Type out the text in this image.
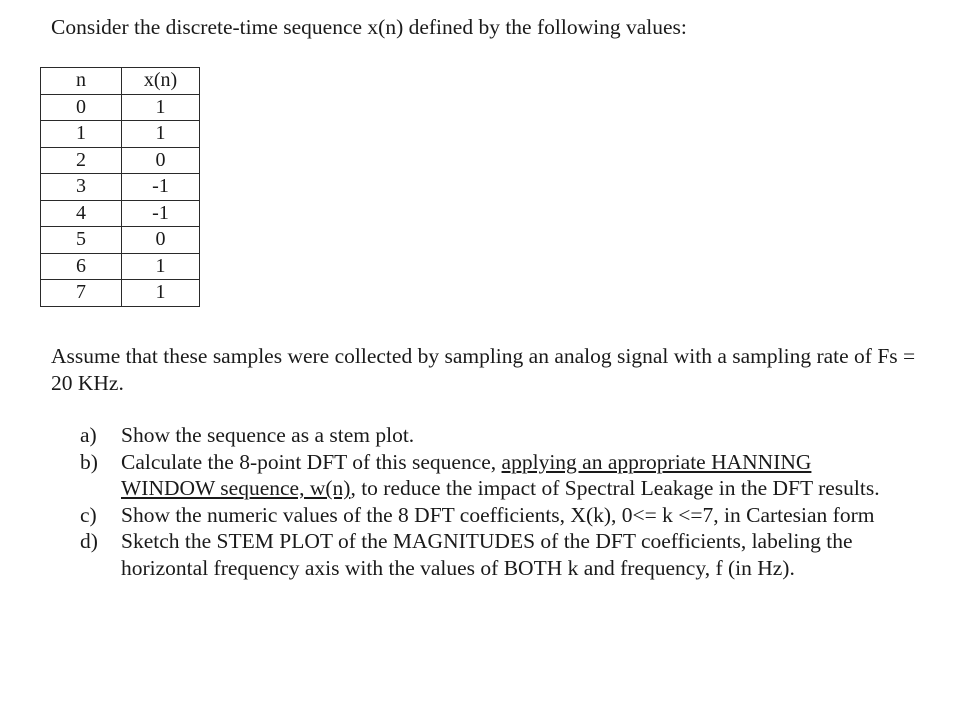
Consider the discrete-time sequence x(n) defined by the following values:
n	x(n)
0	1
1	1
2	0
3	-1
4	-1
5	0
6	1
7	1
Assume that these samples were collected by sampling an analog signal with a sampling rate of Fs = 20 KHz.
a) Show the sequence as a stem plot.
b) Calculate the 8-point DFT of this sequence, applying an appropriate HANNING WINDOW sequence, w(n), to reduce the impact of Spectral Leakage in the DFT results.
c) Show the numeric values of the 8 DFT coefficients, X(k), 0<= k <=7, in Cartesian form
d) Sketch the STEM PLOT of the MAGNITUDES of the DFT coefficients, labeling the horizontal frequency axis with the values of BOTH k and frequency, f (in Hz).
